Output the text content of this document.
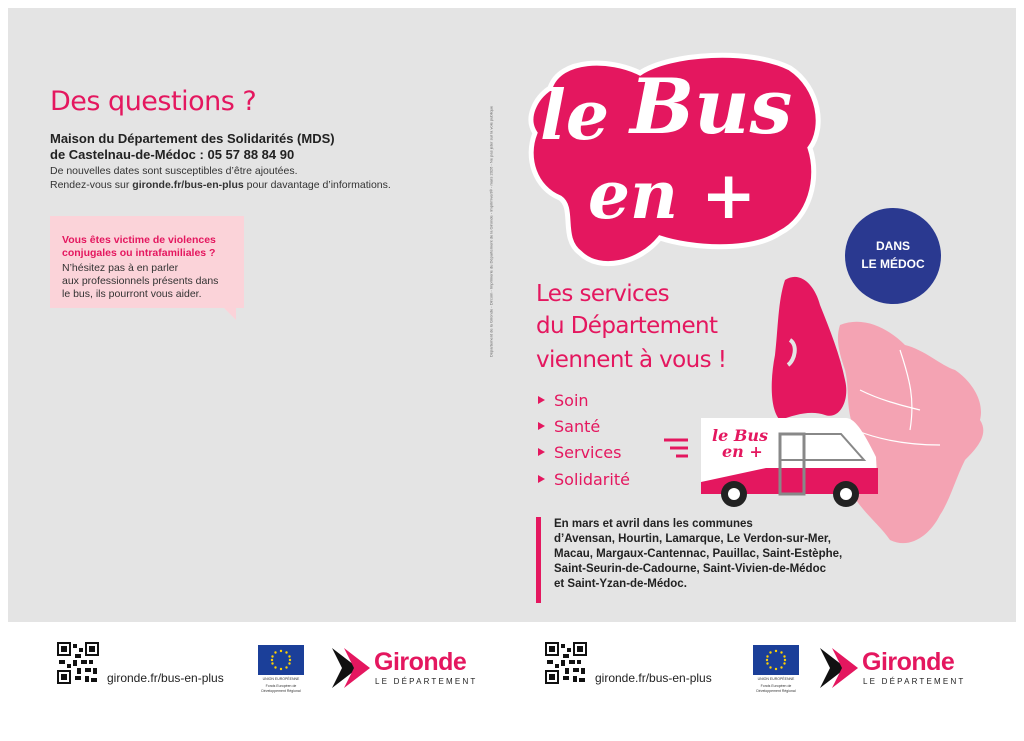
Des questions ?
Maison du Département des Solidarités (MDS)
de Castelnau-de-Médoc : 05 57 88 84 90
De nouvelles dates sont susceptibles d’être ajoutées.
Rendez-vous sur gironde.fr/bus-en-plus pour davantage d’informations.
Vous êtes victime de violences
conjugales ou intrafamiliales ?
N’hésitez pas à en parler
aux professionnels présents dans
le bus, ils pourront vous aider.	Département de la Gironde - Dircom - Imprimerie du Département de la Gironde - Imprim'vert® - mars 2026 - Ne pas jeter sur la voie publique le Bus
en +
DANS
LE MÉDOC
Les services
du Département
viennent à vous !
Soin
Santé
Services
Solidarité
le Bus
en +
En mars et avril dans les communes
d’Avensan, Hourtin, Lamarque, Le Verdon-sur-Mer,
Macau, Margaux-Cantennac, Pauillac, Saint-Estèphe,
Saint-Seurin-de-Cadourne, Saint-Vivien-de-Médoc
et Saint-Yzan-de-Médoc.
gironde.fr/bus-en-plus	UNION EUROPÉENNE
Fonds Européen de Développement Régional
Gironde
LE DÉPARTEMENT	gironde.fr/bus-en-plus	UNION EUROPÉENNE
Fonds Européen de Développement Régional
Gironde
LE DÉPARTEMENT
